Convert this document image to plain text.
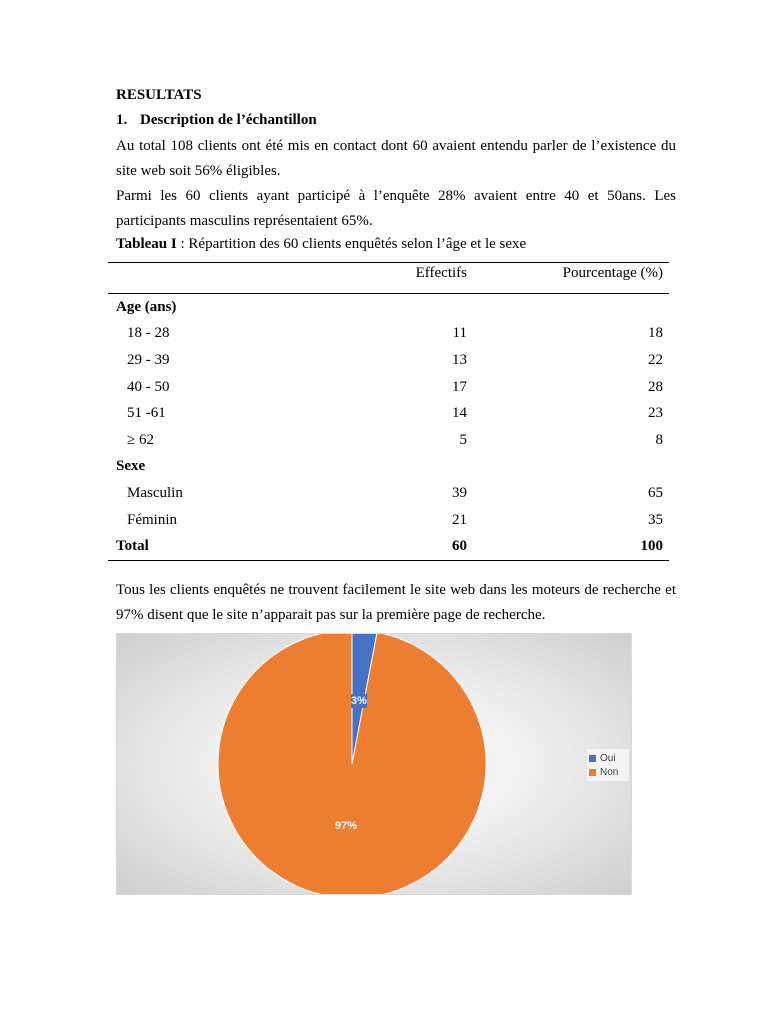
RESULTATS
1. Description de l’échantillon
Au total 108 clients ont été mis en contact dont 60 avaient entendu parler de l’existence du site web soit 56% éligibles.
Parmi les 60 clients ayant participé à l’enquête 28% avaient entre 40 et 50ans. Les participants masculins représentaient 65%.
Tableau I : Répartition des 60 clients enquêtés selon l’âge et le sexe
	Effectifs	Pourcentage (%)
Age (ans)		
18 - 28	11	18
29 - 39	13	22
40 - 50	17	28
51 -61	14	23
≥ 62	5	8
Sexe		
Masculin	39	65
Féminin	21	35
Total	60	100
Tous les clients enquêtés ne trouvent facilement le site web dans les moteurs de recherche et 97% disent que le site n’apparait pas sur la première page de recherche.
3%
97%
Oui
Non
